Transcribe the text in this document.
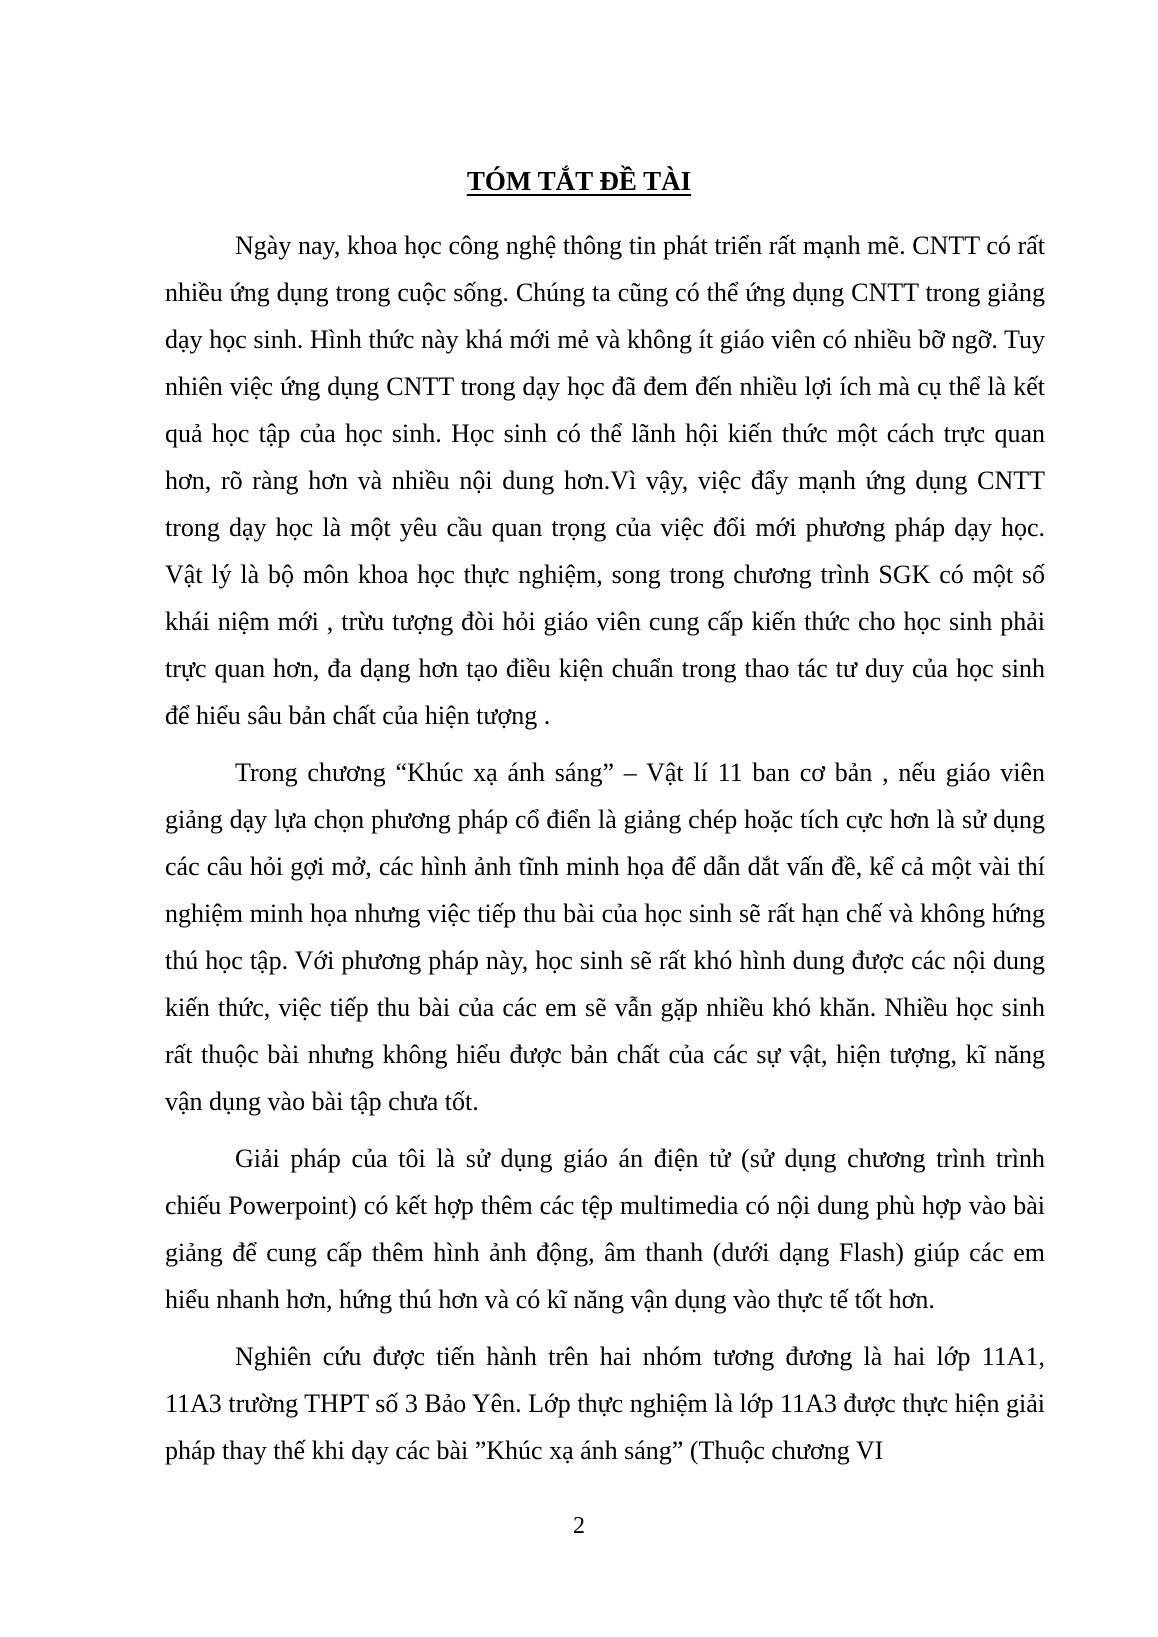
TÓM TẮT ĐỀ TÀI

Ngày nay, khoa học công nghệ thông tin phát triển rất mạnh mẽ. CNTT có rất nhiều ứng dụng trong cuộc sống. Chúng ta cũng có thể ứng dụng CNTT trong giảng dạy học sinh. Hình thức này khá mới mẻ và không ít giáo viên có nhiều bỡ ngỡ. Tuy nhiên việc ứng dụng CNTT trong dạy học đã đem đến nhiều lợi ích mà cụ thể là kết quả học tập của học sinh. Học sinh có thể lãnh hội kiến thức một cách trực quan hơn, rõ ràng hơn và nhiều nội dung hơn.Vì vậy, việc đẩy mạnh ứng dụng CNTT trong dạy học là một yêu cầu quan trọng của việc đổi mới phương pháp dạy học. Vật lý là bộ môn khoa học thực nghiệm, song trong chương trình SGK có một số khái niệm mới , trừu tượng đòi hỏi giáo viên cung cấp kiến thức cho học sinh phải trực quan hơn, đa dạng hơn tạo điều kiện chuẩn trong thao tác tư duy của học sinh để hiểu sâu bản chất của hiện tượng .

Trong chương “Khúc xạ ánh sáng” – Vật lí 11 ban cơ bản , nếu giáo viên giảng dạy lựa chọn phương pháp cổ điển là giảng chép hoặc tích cực hơn là sử dụng các câu hỏi gợi mở, các hình ảnh tĩnh minh họa để dẫn dắt vấn đề, kể cả một vài thí nghiệm minh họa nhưng việc tiếp thu bài của học sinh sẽ rất hạn chế và không hứng thú học tập. Với phương pháp này, học sinh sẽ rất khó hình dung được các nội dung kiến thức, việc tiếp thu bài của các em sẽ vẫn gặp nhiều khó khăn. Nhiều học sinh rất thuộc bài nhưng không hiểu được bản chất của các sự vật, hiện tượng, kĩ năng vận dụng vào bài tập chưa tốt.

Giải pháp của tôi là sử dụng giáo án điện tử (sử dụng chương trình trình chiếu Powerpoint) có kết hợp thêm các tệp multimedia có nội dung phù hợp vào bài giảng để cung cấp thêm hình ảnh động, âm thanh (dưới dạng Flash) giúp các em hiểu nhanh hơn, hứng thú hơn và có kĩ năng vận dụng vào thực tế tốt hơn.

Nghiên cứu được tiến hành trên hai nhóm tương đương là hai lớp 11A1, 11A3 trường THPT số 3 Bảo Yên. Lớp thực nghiệm là lớp 11A3 được thực hiện giải pháp thay thế khi dạy các bài ”Khúc xạ ánh sáng” (Thuộc chương VI

2
